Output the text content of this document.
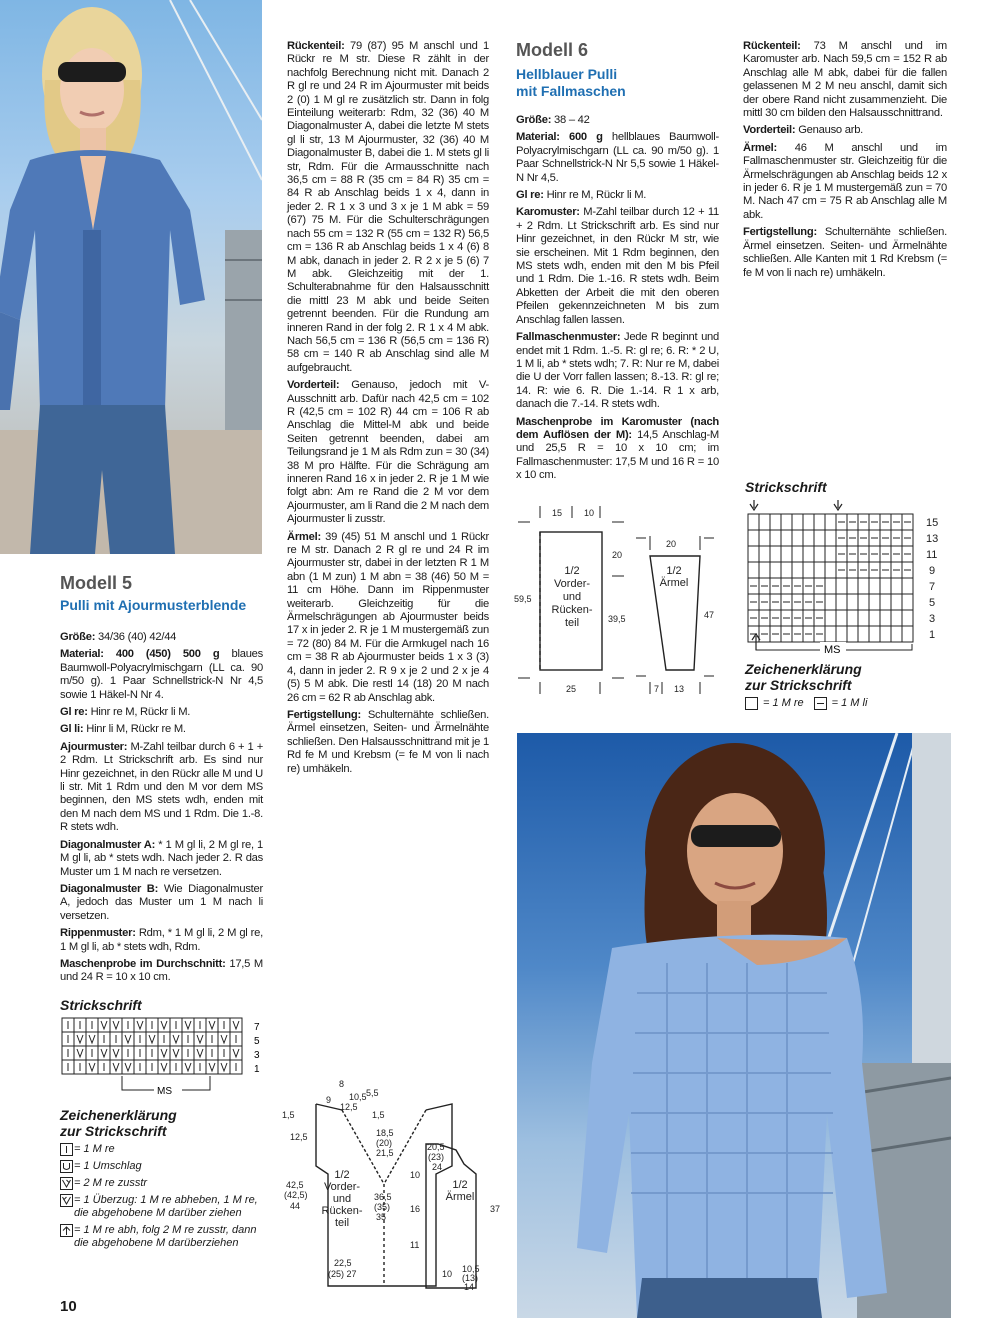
Modell 5
Pulli mit Ajourmusterblende
Größe: 34/36 (40) 42/44
Material: 400 (450) 500 g blaues Baumwoll-Polyacrylmischgarn (LL ca. 90 m/50 g). 1 Paar Schnellstrick-N Nr 4,5 sowie 1 Häkel-N Nr 4.
Gl re: Hinr re M, Rückr li M.
Gl li: Hinr li M, Rückr re M.
Ajourmuster: M-Zahl teilbar durch 6 + 1 + 2 Rdm. Lt Strickschrift arb. Es sind nur Hinr gezeichnet, in den Rückr alle M und U li str. Mit 1 Rdm und den M vor dem MS beginnen, den MS stets wdh, enden mit den M nach dem MS und 1 Rdm. Die 1.-8. R stets wdh.
Diagonalmuster A: * 1 M gl li, 2 M gl re, 1 M gl li, ab * stets wdh. Nach jeder 2. R das Muster um 1 M nach re versetzen.
Diagonalmuster B: Wie Diagonalmuster A, jedoch das Muster um 1 M nach li versetzen.
Rippenmuster: Rdm, * 1 M gl li, 2 M gl re, 1 M gl li, ab * stets wdh, Rdm.
Maschenprobe im Durchschnitt: 17,5 M und 24 R = 10 x 10 cm.
Rückenteil: 79 (87) 95 M anschl und 1 Rückr re M str. Diese R zählt in der nachfolg Berechnung nicht mit. Danach 2 R gl re und 24 R im Ajourmuster mit beids 2 (0) 1 M gl re zusätzlich str. Dann in folg Einteilung weiterarb: Rdm, 32 (36) 40 M Diagonalmuster A, dabei die letzte M stets gl li str, 13 M Ajourmuster, 32 (36) 40 M Diagonalmuster B, dabei die 1. M stets gl li str, Rdm. Für die Armausschnitte nach 36,5 cm = 88 R (35 cm = 84 R) 35 cm = 84 R ab Anschlag beids 1 x 4, dann in jeder 2. R 1 x 3 und 3 x je 1 M abk = 59 (67) 75 M. Für die Schulterschrägungen nach 55 cm = 132 R (55 cm = 132 R) 56,5 cm = 136 R ab Anschlag beids 1 x 4 (6) 8 M abk, danach in jeder 2. R 2 x je 5 (6) 7 M abk. Gleichzeitig mit der 1. Schulterabnahme für den Halsausschnitt die mittl 23 M abk und beide Seiten getrennt beenden. Für die Rundung am inneren Rand in der folg 2. R 1 x 4 M abk. Nach 56,5 cm = 136 R (56,5 cm = 136 R) 58 cm = 140 R ab Anschlag sind alle M aufgebraucht.
Vorderteil: Genauso, jedoch mit V-Ausschnitt arb. Dafür nach 42,5 cm = 102 R (42,5 cm = 102 R) 44 cm = 106 R ab Anschlag die Mittel-M abk und beide Seiten getrennt beenden, dabei am Teilungsrand je 1 M als Rdm zun = 30 (34) 38 M pro Hälfte. Für die Schrägung am inneren Rand 16 x in jeder 2. R je 1 M wie folgt abn: Am re Rand die 2 M vor dem Ajourmuster, am li Rand die 2 M nach dem Ajourmuster li zusstr.
Ärmel: 39 (45) 51 M anschl und 1 Rückr re M str. Danach 2 R gl re und 24 R im Ajourmuster str, dabei in der letzten R 1 M abn (1 M zun) 1 M abn = 38 (46) 50 M = 11 cm Höhe. Dann im Rippenmuster weiterarb. Gleichzeitig für die Ärmelschrägungen ab Ajourmuster beids 17 x in jeder 2. R je 1 M mustergemäß zun = 72 (80) 84 M. Für die Armkugel nach 16 cm = 38 R ab Ajourmuster beids 1 x 3 (3) 4, dann in jeder 2. R 9 x je 2 und 2 x je 4 (5) 5 M abk. Die restl 14 (18) 20 M nach 26 cm = 62 R ab Anschlag abk.
Fertigstellung: Schulternähte schließen. Ärmel einsetzen, Seiten- und Ärmelnähte schließen. Den Halsausschnittrand mit je 1 Rd fe M und Krebsm (= fe M von li nach re) umhäkeln.
Strickschrift
7
5
3
1
MS
Zeichenerklärung
zur Strickschrift
= 1 M re
= 1 Umschlag
= 2 M re zusstr
= 1 Überzug: 1 M re abheben, 1 M re, die abgehobene M darüber ziehen
= 1 M re abh, folg 2 M re zusstr, dann die abgehobene M darüberziehen
8
9 10,5 5,5
12,5
1,5	1,5
12,5	18,5
(20)
21,5
42,5
(42,5)
44
36,5
(35)
35
22,5
(25) 27
20,5
(23)
24
10
16
11
37
10 10,5
(13)
14
1/2
Vorder-
und
Rücken-
teil
1/2
Ärmel
10
Modell 6
Hellblauer Pulli
mit Fallmaschen
Größe: 38 – 42
Material: 600 g hellblaues Baumwoll-Polyacrylmischgarn (LL ca. 90 m/50 g). 1 Paar Schnellstrick-N Nr 5,5 sowie 1 Häkel-N Nr 4,5.
Gl re: Hinr re M, Rückr li M.
Karomuster: M-Zahl teilbar durch 12 + 11 + 2 Rdm. Lt Strickschrift arb. Es sind nur Hinr gezeichnet, in den Rückr M str, wie sie erscheinen. Mit 1 Rdm beginnen, den MS stets wdh, enden mit den M bis Pfeil und 1 Rdm. Die 1.-16. R stets wdh. Beim Abketten der Arbeit die mit den oberen Pfeilen gekennzeichneten M bis zum Anschlag fallen lassen.
Fallmaschenmuster: Jede R beginnt und endet mit 1 Rdm. 1.-5. R: gl re; 6. R: * 2 U, 1 M li, ab * stets wdh; 7. R: Nur re M, dabei die U der Vorr fallen lassen; 8.-13. R: gl re; 14. R: wie 6. R. Die 1.-14. R 1 x arb, danach die 7.-14. R stets wdh.
Maschenprobe im Karomuster (nach dem Auflösen der M): 14,5 Anschlag-M und 25,5 R = 10 x 10 cm; im Fallmaschenmuster: 17,5 M und 16 R = 10 x 10 cm.
Rückenteil: 73 M anschl und im Karomuster arb. Nach 59,5 cm = 152 R ab Anschlag alle M abk, dabei für die fallen gelassenen M 2 M neu anschl, damit sich der obere Rand nicht zusammenzieht. Die mittl 30 cm bilden den Halsausschnittrand.
Vorderteil: Genauso arb.
Ärmel: 46 M anschl und im Fallmaschenmuster str. Gleichzeitig für die Ärmelschrägungen ab Anschlag beids 12 x in jeder 6. R je 1 M mustergemäß zun = 70 M. Nach 47 cm = 75 R ab Anschlag alle M abk.
Fertigstellung: Schulternähte schließen. Ärmel einsetzen. Seiten- und Ärmelnähte schließen. Alle Kanten mit 1 Rd Krebsm (= fe M von li nach re) umhäkeln.
15 10
20
59,5
39,5
25
20
47
7 13
1/2
Vorder-
und
Rücken-
teil
1/2
Ärmel
Strickschrift
15
13
11
9
7
5
3
1
MS
Zeichenerklärung
zur Strickschrift
= 1 M re	= 1 M li
